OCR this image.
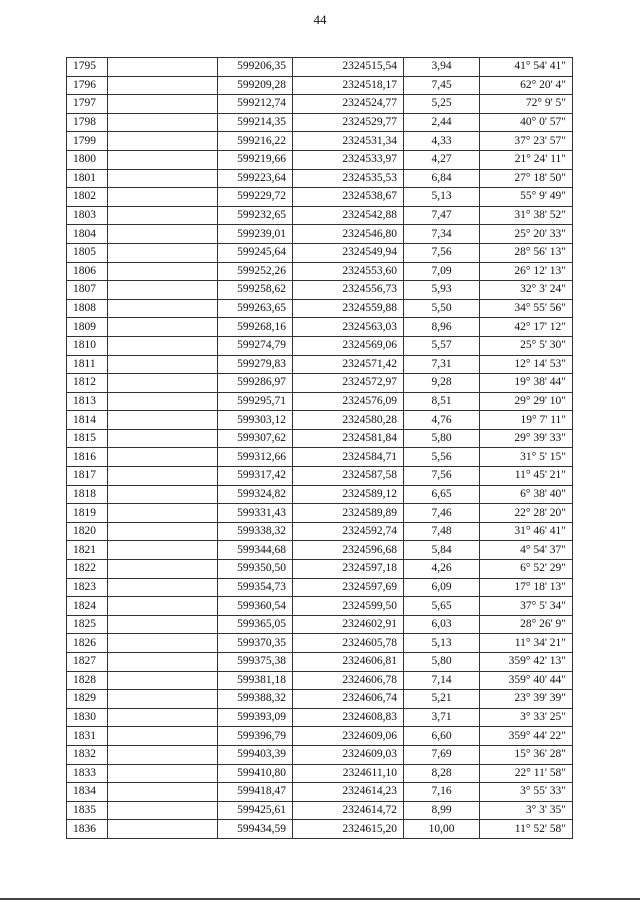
44
1795		599206,35	2324515,54	3,94	41° 54' 41"
1796		599209,28	2324518,17	7,45	62° 20' 4"
1797		599212,74	2324524,77	5,25	72° 9' 5"
1798		599214,35	2324529,77	2,44	40° 0' 57"
1799		599216,22	2324531,34	4,33	37° 23' 57"
1800		599219,66	2324533,97	4,27	21° 24' 11"
1801		599223,64	2324535,53	6,84	27° 18' 50"
1802		599229,72	2324538,67	5,13	55° 9' 49"
1803		599232,65	2324542,88	7,47	31° 38' 52"
1804		599239,01	2324546,80	7,34	25° 20' 33"
1805		599245,64	2324549,94	7,56	28° 56' 13"
1806		599252,26	2324553,60	7,09	26° 12' 13"
1807		599258,62	2324556,73	5,93	32° 3' 24"
1808		599263,65	2324559,88	5,50	34° 55' 56"
1809		599268,16	2324563,03	8,96	42° 17' 12"
1810		599274,79	2324569,06	5,57	25° 5' 30"
1811		599279,83	2324571,42	7,31	12° 14' 53"
1812		599286,97	2324572,97	9,28	19° 38' 44"
1813		599295,71	2324576,09	8,51	29° 29' 10"
1814		599303,12	2324580,28	4,76	19° 7' 11"
1815		599307,62	2324581,84	5,80	29° 39' 33"
1816		599312,66	2324584,71	5,56	31° 5' 15"
1817		599317,42	2324587,58	7,56	11° 45' 21"
1818		599324,82	2324589,12	6,65	6° 38' 40"
1819		599331,43	2324589,89	7,46	22° 28' 20"
1820		599338,32	2324592,74	7,48	31° 46' 41"
1821		599344,68	2324596,68	5,84	4° 54' 37"
1822		599350,50	2324597,18	4,26	6° 52' 29"
1823		599354,73	2324597,69	6,09	17° 18' 13"
1824		599360,54	2324599,50	5,65	37° 5' 34"
1825		599365,05	2324602,91	6,03	28° 26' 9"
1826		599370,35	2324605,78	5,13	11° 34' 21"
1827		599375,38	2324606,81	5,80	359° 42' 13"
1828		599381,18	2324606,78	7,14	359° 40' 44"
1829		599388,32	2324606,74	5,21	23° 39' 39"
1830		599393,09	2324608,83	3,71	3° 33' 25"
1831		599396,79	2324609,06	6,60	359° 44' 22"
1832		599403,39	2324609,03	7,69	15° 36' 28"
1833		599410,80	2324611,10	8,28	22° 11' 58"
1834		599418,47	2324614,23	7,16	3° 55' 33"
1835		599425,61	2324614,72	8,99	3° 3' 35"
1836		599434,59	2324615,20	10,00	11° 52' 58"
